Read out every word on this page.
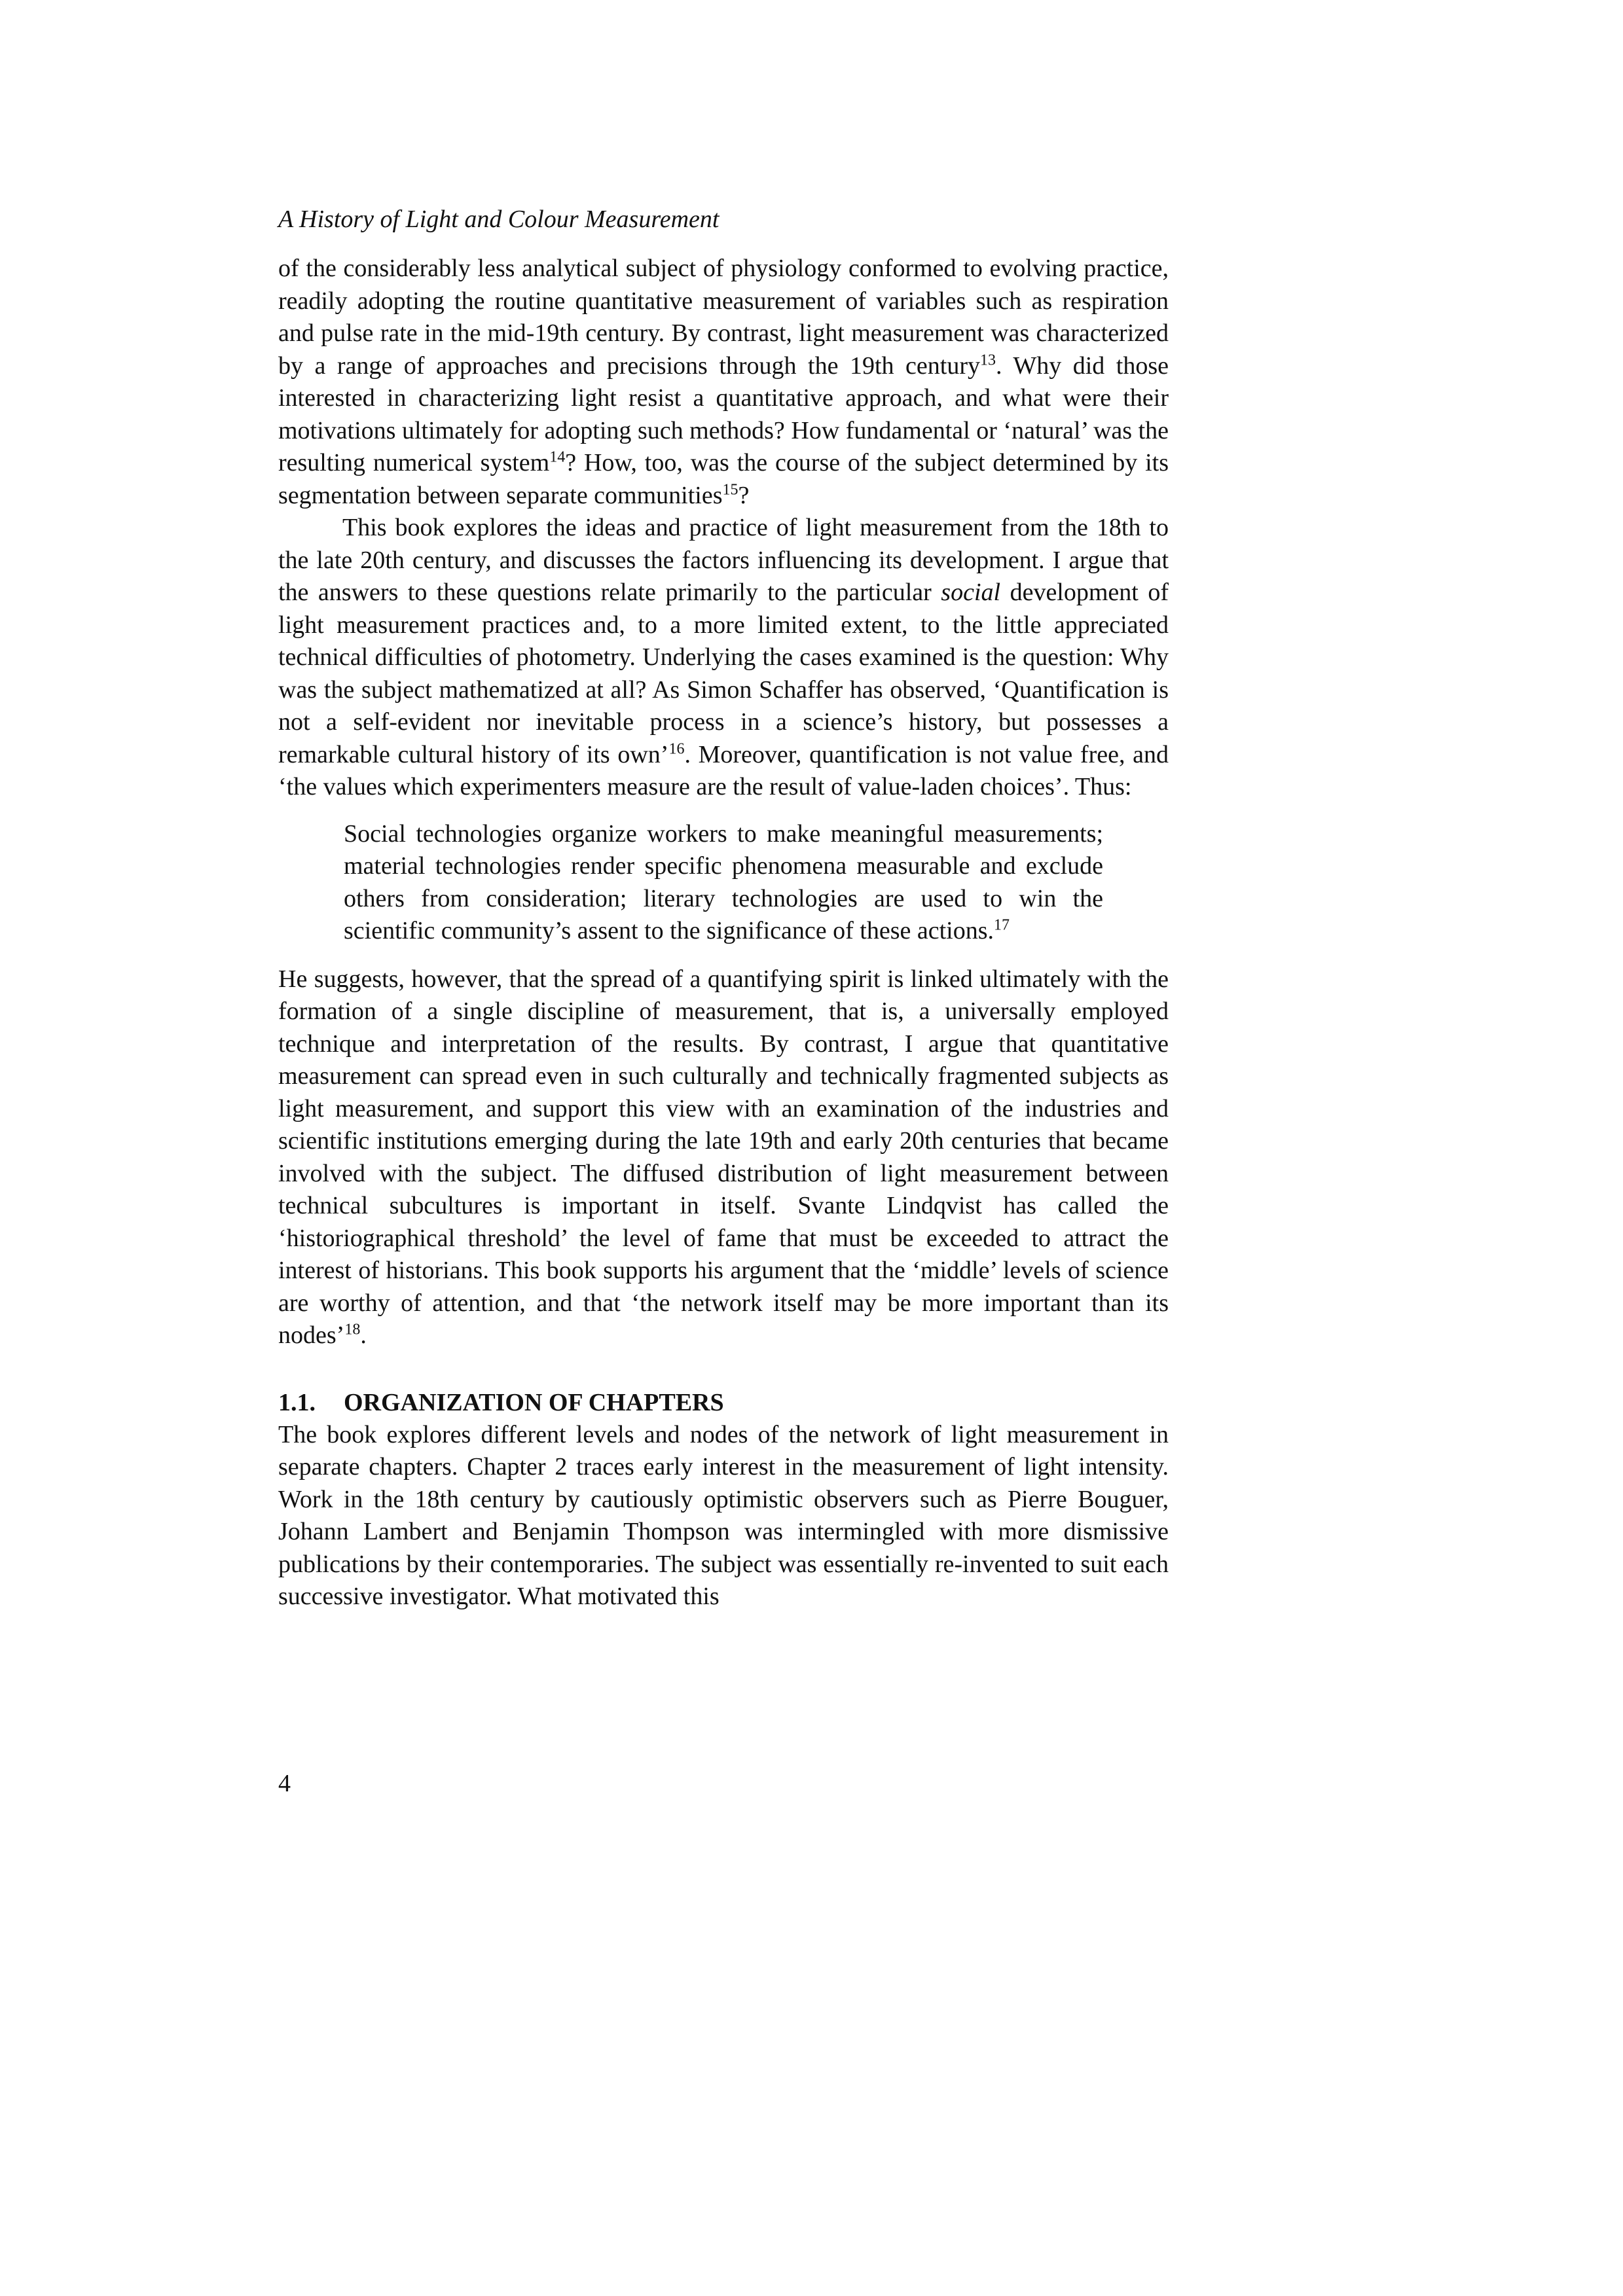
A History of Light and Colour Measurement

of the considerably less analytical subject of physiology conformed to evolving practice, readily adopting the routine quantitative measurement of variables such as respiration and pulse rate in the mid-19th century. By contrast, light measurement was characterized by a range of approaches and precisions through the 19th century$^{13}$. Why did those interested in characterizing light resist a quantitative approach, and what were their motivations ultimately for adopting such methods? How fundamental or ‘natural’ was the resulting numerical system$^{14}$? How, too, was the course of the subject determined by its segmentation between separate communities$^{15}$?

This book explores the ideas and practice of light measurement from the 18th to the late 20th century, and discusses the factors influencing its development. I argue that the answers to these questions relate primarily to the particular social development of light measurement practices and, to a more limited extent, to the little appreciated technical difficulties of photometry. Underlying the cases examined is the question: Why was the subject mathematized at all? As Simon Schaffer has observed, ‘Quantification is not a self-evident nor inevitable process in a science’s history, but possesses a remarkable cultural history of its own’$^{16}$. Moreover, quantification is not value free, and ‘the values which experimenters measure are the result of value-laden choices’. Thus:

Social technologies organize workers to make meaningful measurements; material technologies render specific phenomena measurable and exclude others from consideration; literary technologies are used to win the scientific community’s assent to the significance of these actions.$^{17}$

He suggests, however, that the spread of a quantifying spirit is linked ultimately with the formation of a single discipline of measurement, that is, a universally employed technique and interpretation of the results. By contrast, I argue that quantitative measurement can spread even in such culturally and technically fragmented subjects as light measurement, and support this view with an examination of the industries and scientific institutions emerging during the late 19th and early 20th centuries that became involved with the subject. The diffused distribution of light measurement between technical subcultures is important in itself. Svante Lindqvist has called the ‘historiographical threshold’ the level of fame that must be exceeded to attract the interest of historians. This book supports his argument that the ‘middle’ levels of science are worthy of attention, and that ‘the network itself may be more important than its nodes’$^{18}$.

1.1. ORGANIZATION OF CHAPTERS

The book explores different levels and nodes of the network of light measurement in separate chapters. Chapter 2 traces early interest in the measurement of light intensity. Work in the 18th century by cautiously optimistic observers such as Pierre Bouguer, Johann Lambert and Benjamin Thompson was intermingled with more dismissive publications by their contemporaries. The subject was essentially re-invented to suit each successive investigator. What motivated this

4
